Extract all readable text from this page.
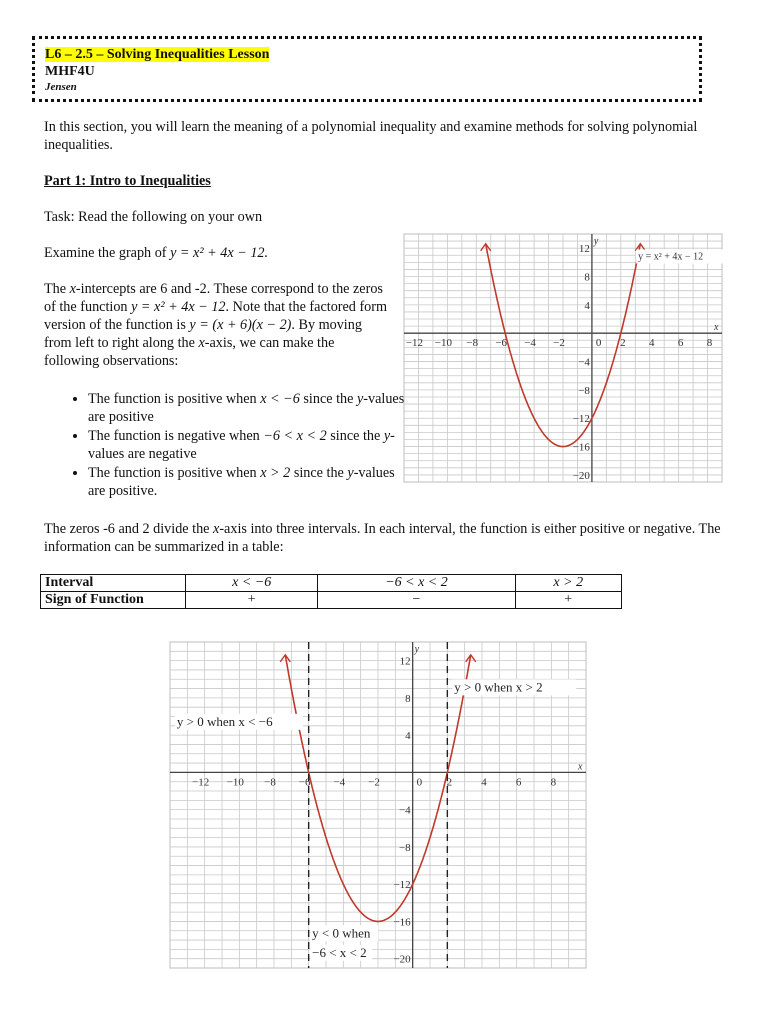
L6 – 2.5 – Solving Inequalities Lesson
MHF4U
Jensen
In this section, you will learn the meaning of a polynomial inequality and examine methods for solving polynomial inequalities.
Part 1: Intro to Inequalities
Task: Read the following on your own
Examine the graph of y = x² + 4x − 12.
The x-intercepts are 6 and -2. These correspond to the zeros of the function y = x² + 4x − 12. Note that the factored form version of the function is y = (x + 6)(x − 2). By moving from left to right along the x-axis, we can make the following observations:
• The function is positive when x < −6 since the y-values are positive
• The function is negative when −6 < x < 2 since the y-values are negative
• The function is positive when x > 2 since the y-values are positive.
The zeros -6 and 2 divide the x-axis into three intervals. In each interval, the function is either positive or negative. The information can be summarized in a table:
Interval	x < −6	−6 < x < 2	x > 2
Sign of Function	+	−	+
x
y
−12 −10 −8 −6 −4 −2	0 2 4 6 8
12
8
4
−4
−8
−12
−16
−20
y = x² + 4x − 12
x
y
−12 −10 −8 −6 −4 −2	0 2	4	6	8
12
8
4
−4
−8
−12
−16
−20
y > 0 when x < −6
y > 0 when x > 2
y < 0 when
−6 < x < 2
